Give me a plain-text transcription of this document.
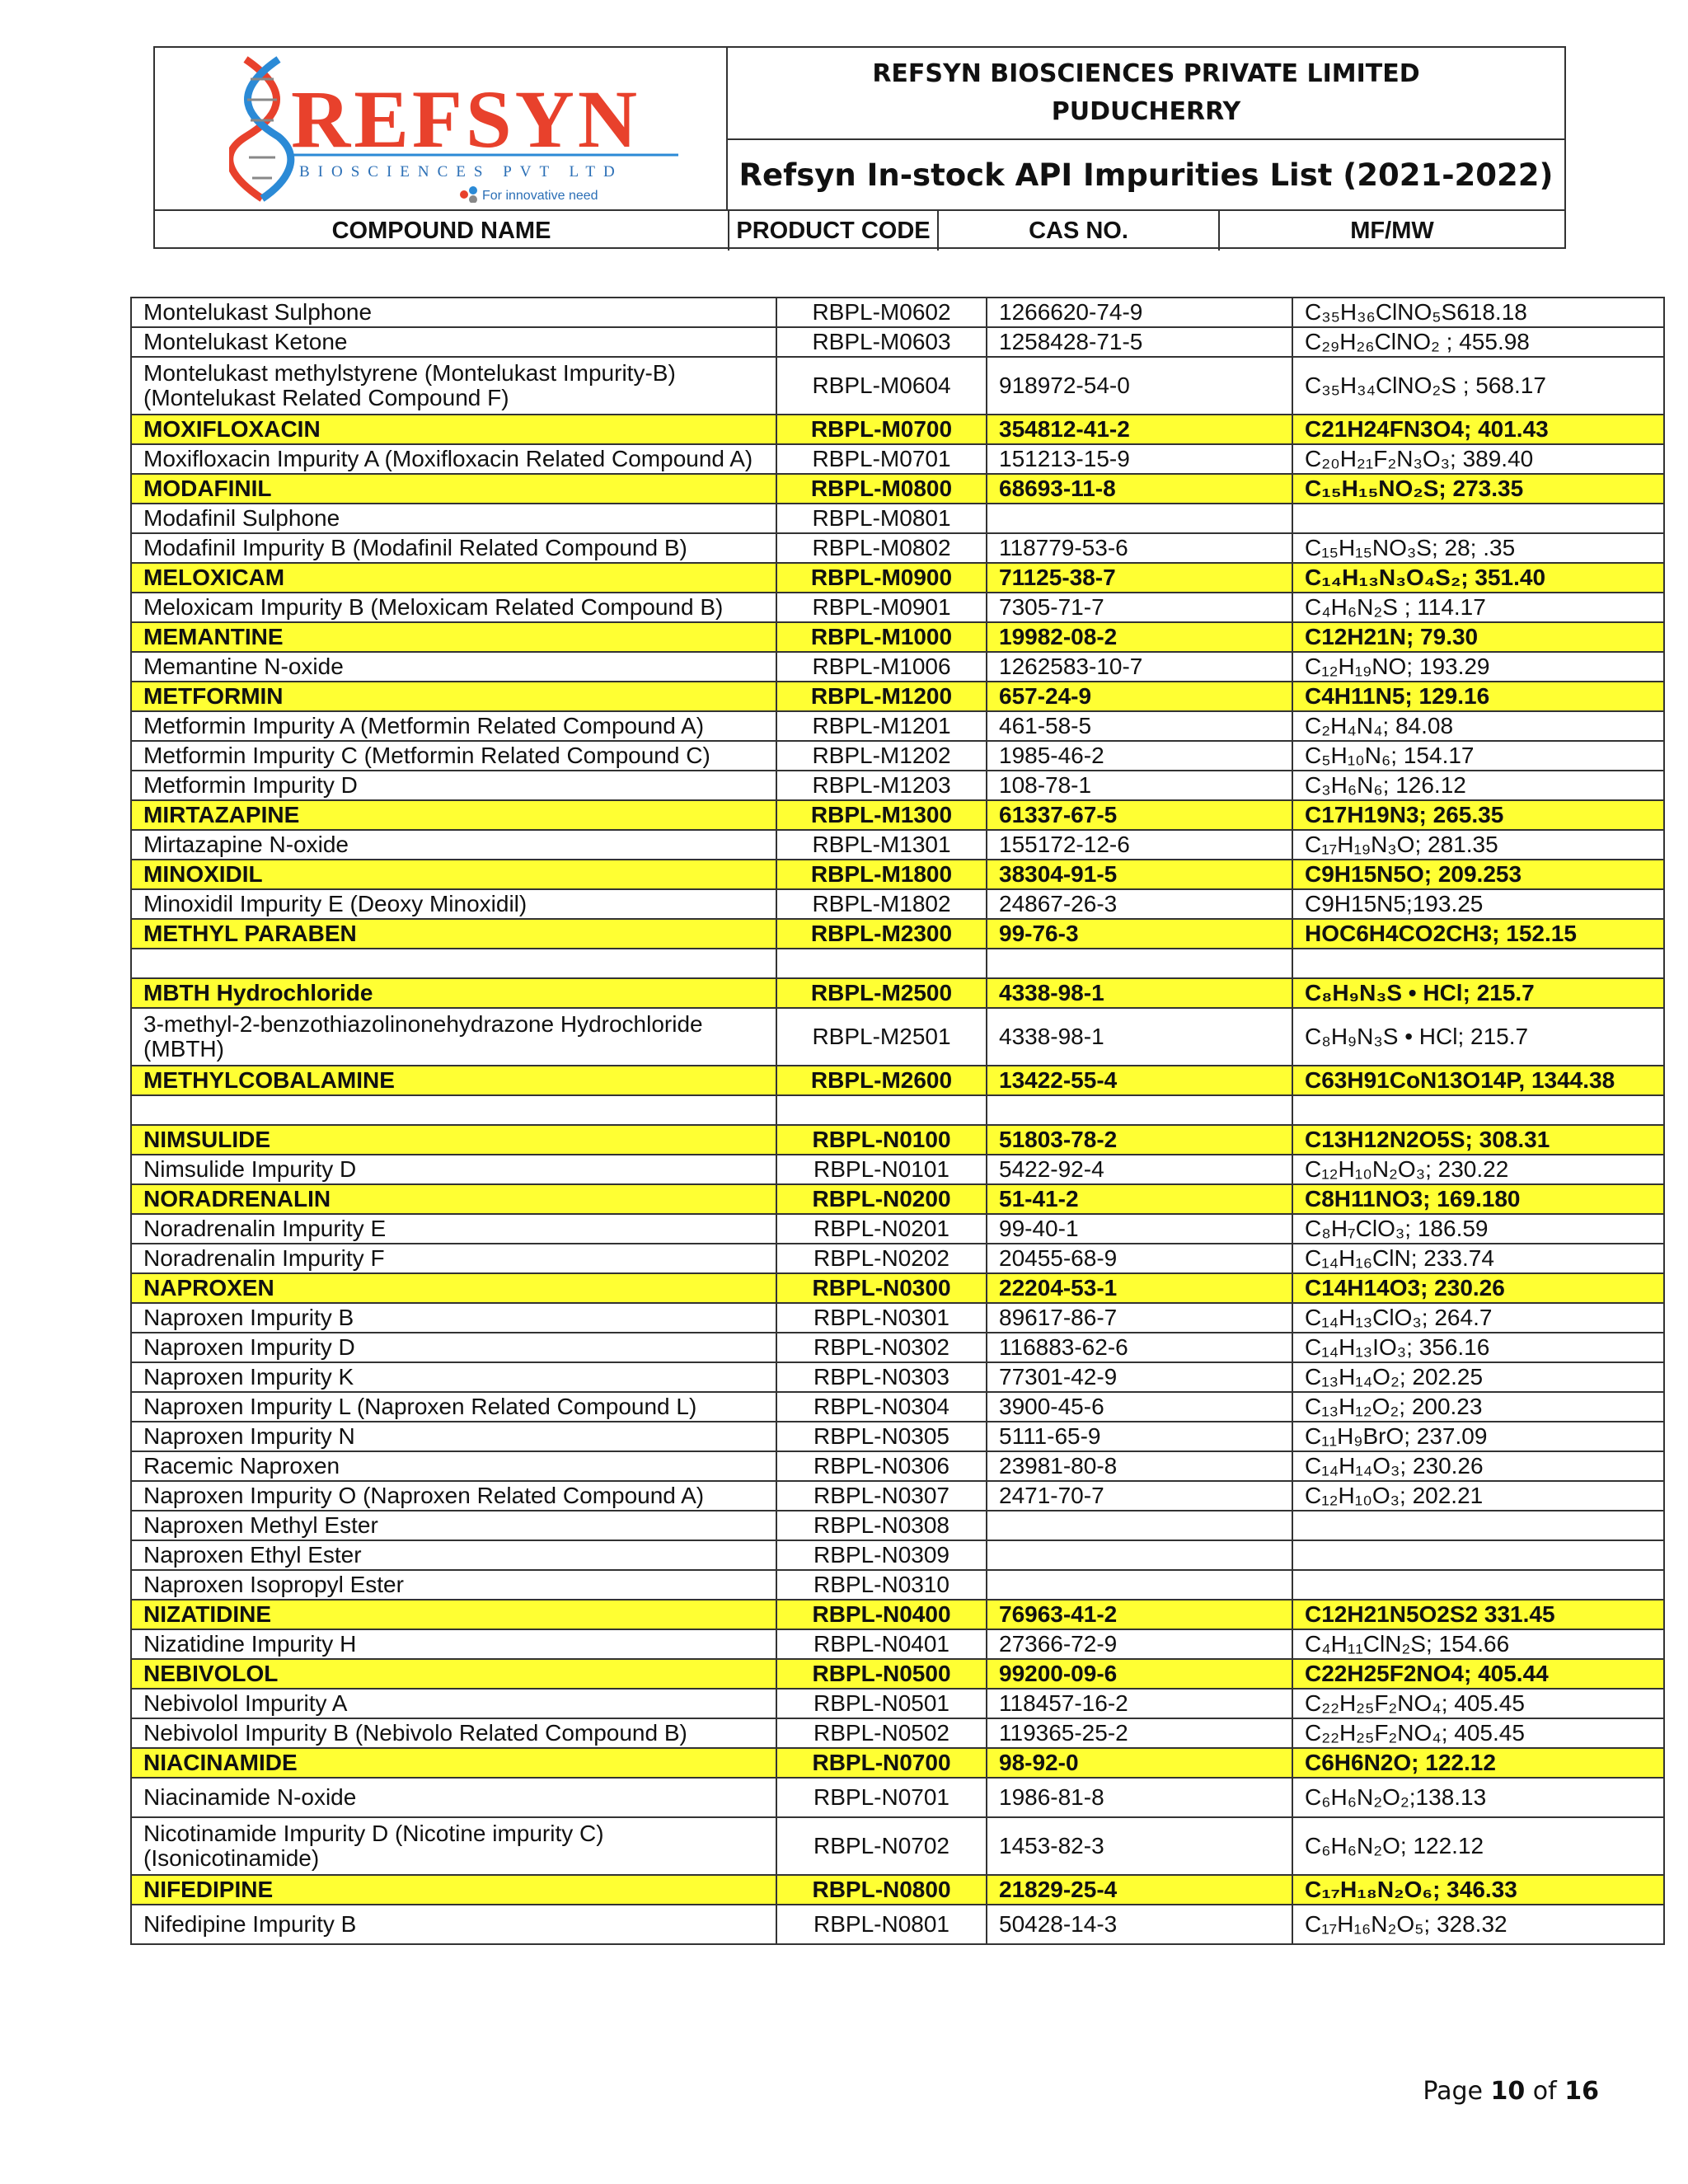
REFSYN
BIOSCIENCES PVT LTD
For innovative need
REFSYN BIOSCIENCES PRIVATE LIMITED
PUDUCHERRY
Refsyn In-stock API Impurities List (2021-2022)
COMPOUND NAME	PRODUCT CODE	CAS NO.	MF/MW
Montelukast Sulphone	RBPL-M0602	1266620-74-9	C₃₅H₃₆ClNO₅S618.18
Montelukast Ketone	RBPL-M0603	1258428-71-5	C₂₉H₂₆ClNO₂ ; 455.98
Montelukast methylstyrene (Montelukast Impurity-B) (Montelukast Related Compound F)	RBPL-M0604	918972-54-0	C₃₅H₃₄ClNO₂S ; 568.17
MOXIFLOXACIN	RBPL-M0700	354812-41-2	C21H24FN3O4; 401.43
Moxifloxacin Impurity A (Moxifloxacin Related Compound A)	RBPL-M0701	151213-15-9	C₂₀H₂₁F₂N₃O₃; 389.40
MODAFINIL	RBPL-M0800	68693-11-8	C₁₅H₁₅NO₂S; 273.35
Modafinil Sulphone	RBPL-M0801		
Modafinil Impurity B (Modafinil Related Compound B)	RBPL-M0802	118779-53-6	C₁₅H₁₅NO₃S; 28; .35
MELOXICAM	RBPL-M0900	71125-38-7	C₁₄H₁₃N₃O₄S₂; 351.40
Meloxicam Impurity B (Meloxicam Related Compound B)	RBPL-M0901	7305-71-7	C₄H₆N₂S ; 114.17
MEMANTINE	RBPL-M1000	19982-08-2	C12H21N; 79.30
Memantine N-oxide	RBPL-M1006	1262583-10-7	C₁₂H₁₉NO; 193.29
METFORMIN	RBPL-M1200	657-24-9	C4H11N5; 129.16
Metformin Impurity A (Metformin Related Compound A)	RBPL-M1201	461-58-5	C₂H₄N₄; 84.08
Metformin Impurity C (Metformin Related Compound C)	RBPL-M1202	1985-46-2	C₅H₁₀N₆; 154.17
Metformin Impurity D	RBPL-M1203	108-78-1	C₃H₆N₆; 126.12
MIRTAZAPINE	RBPL-M1300	61337-67-5	C17H19N3; 265.35
Mirtazapine N-oxide	RBPL-M1301	155172-12-6	C₁₇H₁₉N₃O; 281.35
MINOXIDIL	RBPL-M1800	38304-91-5	C9H15N5O; 209.253
Minoxidil Impurity E (Deoxy Minoxidil)	RBPL-M1802	24867-26-3	C9H15N5;193.25
METHYL PARABEN	RBPL-M2300	99-76-3	HOC6H4CO2CH3; 152.15

MBTH Hydrochloride	RBPL-M2500	4338-98-1	C₈H₉N₃S • HCl; 215.7
3-methyl-2-benzothiazolinonehydrazone Hydrochloride (MBTH)	RBPL-M2501	4338-98-1	C₈H₉N₃S • HCl; 215.7
METHYLCOBALAMINE	RBPL-M2600	13422-55-4	C63H91CoN13O14P, 1344.38

NIMSULIDE	RBPL-N0100	51803-78-2	C13H12N2O5S; 308.31
Nimsulide Impurity D	RBPL-N0101	5422-92-4	C₁₂H₁₀N₂O₃; 230.22
NORADRENALIN	RBPL-N0200	51-41-2	C8H11NO3; 169.180
Noradrenalin Impurity E	RBPL-N0201	99-40-1	C₈H₇ClO₃; 186.59
Noradrenalin Impurity F	RBPL-N0202	20455-68-9	C₁₄H₁₆ClN; 233.74
NAPROXEN	RBPL-N0300	22204-53-1	C14H14O3; 230.26
Naproxen Impurity B	RBPL-N0301	89617-86-7	C₁₄H₁₃ClO₃; 264.7
Naproxen Impurity D	RBPL-N0302	116883-62-6	C₁₄H₁₃IO₃; 356.16
Naproxen Impurity K	RBPL-N0303	77301-42-9	C₁₃H₁₄O₂; 202.25
Naproxen Impurity L (Naproxen Related Compound L)	RBPL-N0304	3900-45-6	C₁₃H₁₂O₂; 200.23
Naproxen Impurity N	RBPL-N0305	5111-65-9	C₁₁H₉BrO; 237.09
Racemic Naproxen	RBPL-N0306	23981-80-8	C₁₄H₁₄O₃; 230.26
Naproxen Impurity O (Naproxen Related Compound A)	RBPL-N0307	2471-70-7	C₁₂H₁₀O₃; 202.21
Naproxen Methyl Ester	RBPL-N0308		
Naproxen Ethyl Ester	RBPL-N0309		
Naproxen Isopropyl Ester	RBPL-N0310		
NIZATIDINE	RBPL-N0400	76963-41-2	C12H21N5O2S2 331.45
Nizatidine Impurity H	RBPL-N0401	27366-72-9	C₄H₁₁ClN₂S; 154.66
NEBIVOLOL	RBPL-N0500	99200-09-6	C22H25F2NO4; 405.44
Nebivolol Impurity A	RBPL-N0501	118457-16-2	C₂₂H₂₅F₂NO₄; 405.45
Nebivolol Impurity B (Nebivolo Related Compound B)	RBPL-N0502	119365-25-2	C₂₂H₂₅F₂NO₄; 405.45
NIACINAMIDE	RBPL-N0700	98-92-0	C6H6N2O; 122.12
Niacinamide N-oxide	RBPL-N0701	1986-81-8	C₆H₆N₂O₂;138.13
Nicotinamide Impurity D (Nicotine impurity C) (Isonicotinamide)	RBPL-N0702	1453-82-3	C₆H₆N₂O; 122.12
NIFEDIPINE	RBPL-N0800	21829-25-4	C₁₇H₁₈N₂O₆; 346.33
Nifedipine Impurity B	RBPL-N0801	50428-14-3	C₁₇H₁₆N₂O₅; 328.32
Page 10 of 16
